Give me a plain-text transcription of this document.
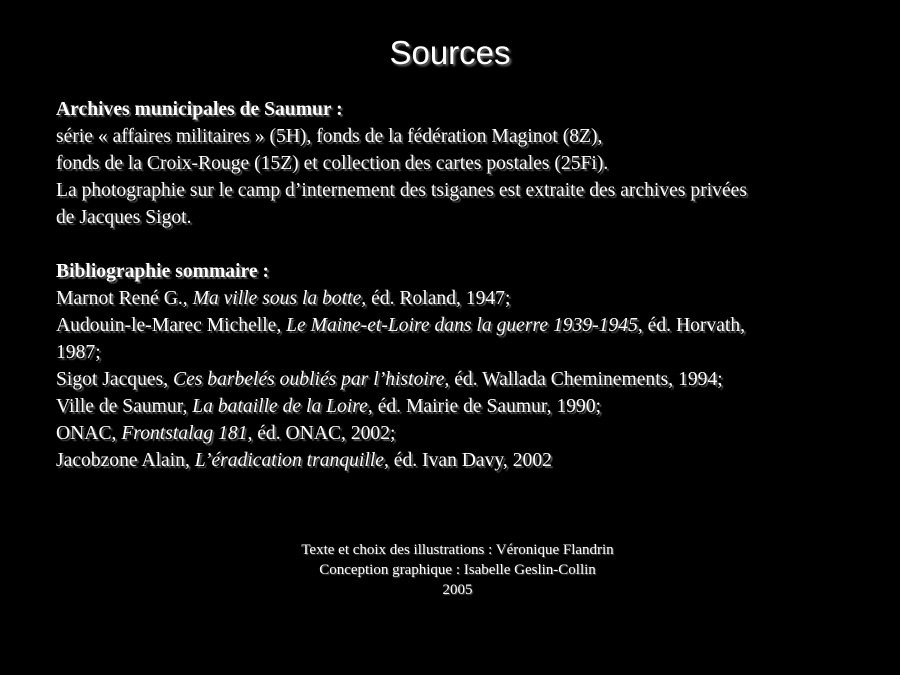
Sources
Archives municipales de Saumur :
série « affaires militaires » (5H), fonds de la fédération Maginot (8Z),
fonds de la Croix-Rouge (15Z) et collection des cartes postales (25Fi).
La photographie sur le camp d’internement des tsiganes est extraite des archives privées
de Jacques Sigot.
Bibliographie sommaire :
Marnot René G., Ma ville sous la botte, éd. Roland, 1947;
Audouin-le-Marec Michelle, Le Maine-et-Loire dans la guerre 1939-1945, éd. Horvath,
1987;
Sigot Jacques, Ces barbelés oubliés par l’histoire, éd. Wallada Cheminements, 1994;
Ville de Saumur, La bataille de la Loire, éd. Mairie de Saumur, 1990;
ONAC, Frontstalag 181, éd. ONAC, 2002;
Jacobzone Alain, L’éradication tranquille, éd. Ivan Davy, 2002
Texte et choix des illustrations : Véronique Flandrin
Conception graphique : Isabelle Geslin-Collin
2005
